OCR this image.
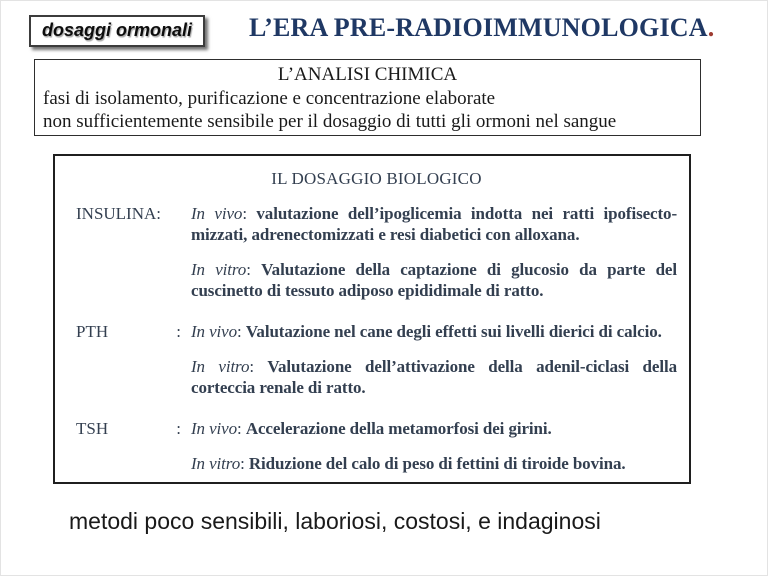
dosaggi ormonali	L’ERA PRE-RADIOIMMUNOLOGICA.
L’ANALISI CHIMICA
fasi di isolamento, purificazione e concentrazione elaborate
non sufficientemente sensibile per il dosaggio di tutti gli ormoni nel sangue
IL DOSAGGIO BIOLOGICO
INSULINA: In vivo: valutazione dell’ipoglicemia indotta nei ratti ipofisecto-mizzati, adrenectomizzati e resi diabetici con alloxana.

In vitro: Valutazione della captazione di glucosio da parte del cuscinetto di tessuto adiposo epididimale di ratto.

PTH	: In vivo: Valutazione nel cane degli effetti sui livelli dierici di calcio.

In vitro: Valutazione dell’attivazione della adenil-ciclasi della corteccia renale di ratto.

TSH	: In vivo: Accelerazione della metamorfosi dei girini.

In vitro: Riduzione del calo di peso di fettini di tiroide bovina.

metodi poco sensibili, laboriosi, costosi, e indaginosi
